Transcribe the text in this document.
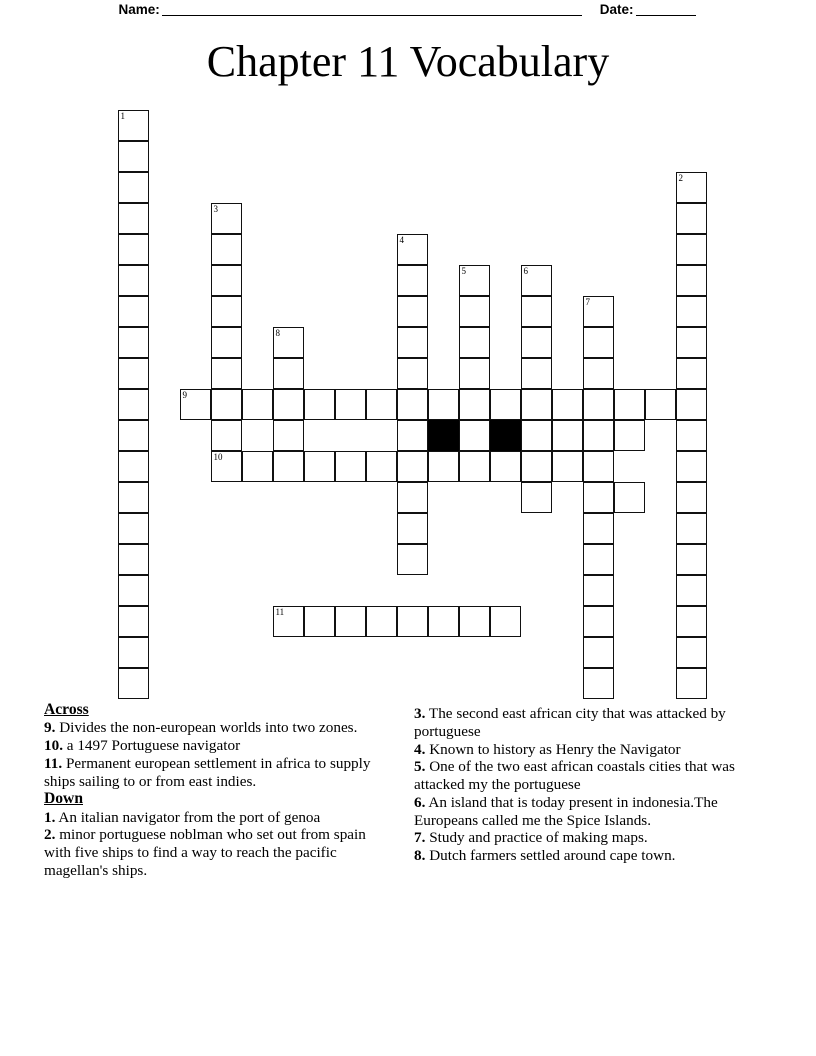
Name:	Date:
Chapter 11 Vocabulary
1
2
3
4
5	6
7
8
9
10
11
Across

9. Divides the non-european worlds into two zones.

10. a 1497 Portuguese navigator

11. Permanent european settlement in africa to supply ships sailing to or from east indies.

Down

1. An italian navigator from the port of genoa

2. minor portuguese noblman who set out from spain with five ships to find a way to reach the pacific magellan's ships.

3. The second east african city that was attacked by portuguese

4. Known to history as Henry the Navigator

5. One of the two east african coastals cities that was attacked my the portuguese

6. An island that is today present in indonesia.The Europeans called me the Spice Islands.

7. Study and practice of making maps.

8. Dutch farmers settled around cape town.
